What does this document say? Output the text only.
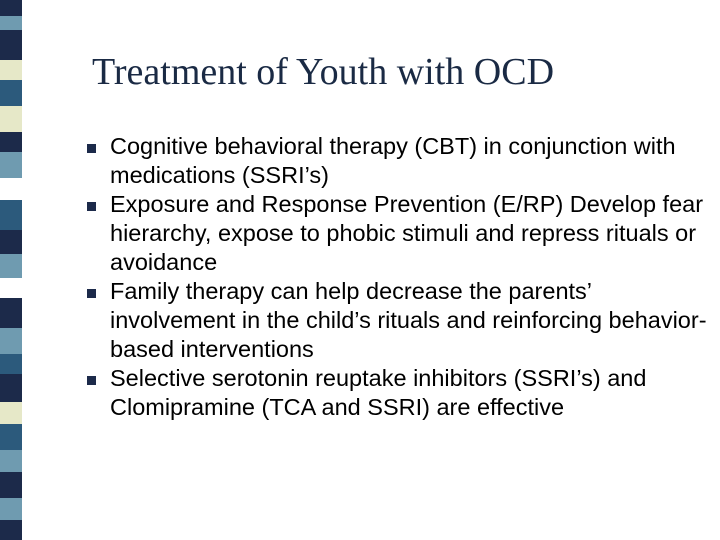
Treatment of Youth with OCD
Cognitive behavioral therapy (CBT) in conjunction with medications (SSRI’s)
Exposure and Response Prevention (E/RP) Develop fear hierarchy, expose to phobic stimuli and repress rituals or avoidance
Family therapy can help decrease the parents’ involvement in the child’s rituals and reinforcing behavior-based interventions
Selective serotonin reuptake inhibitors (SSRI’s) and Clomipramine (TCA and SSRI) are effective
